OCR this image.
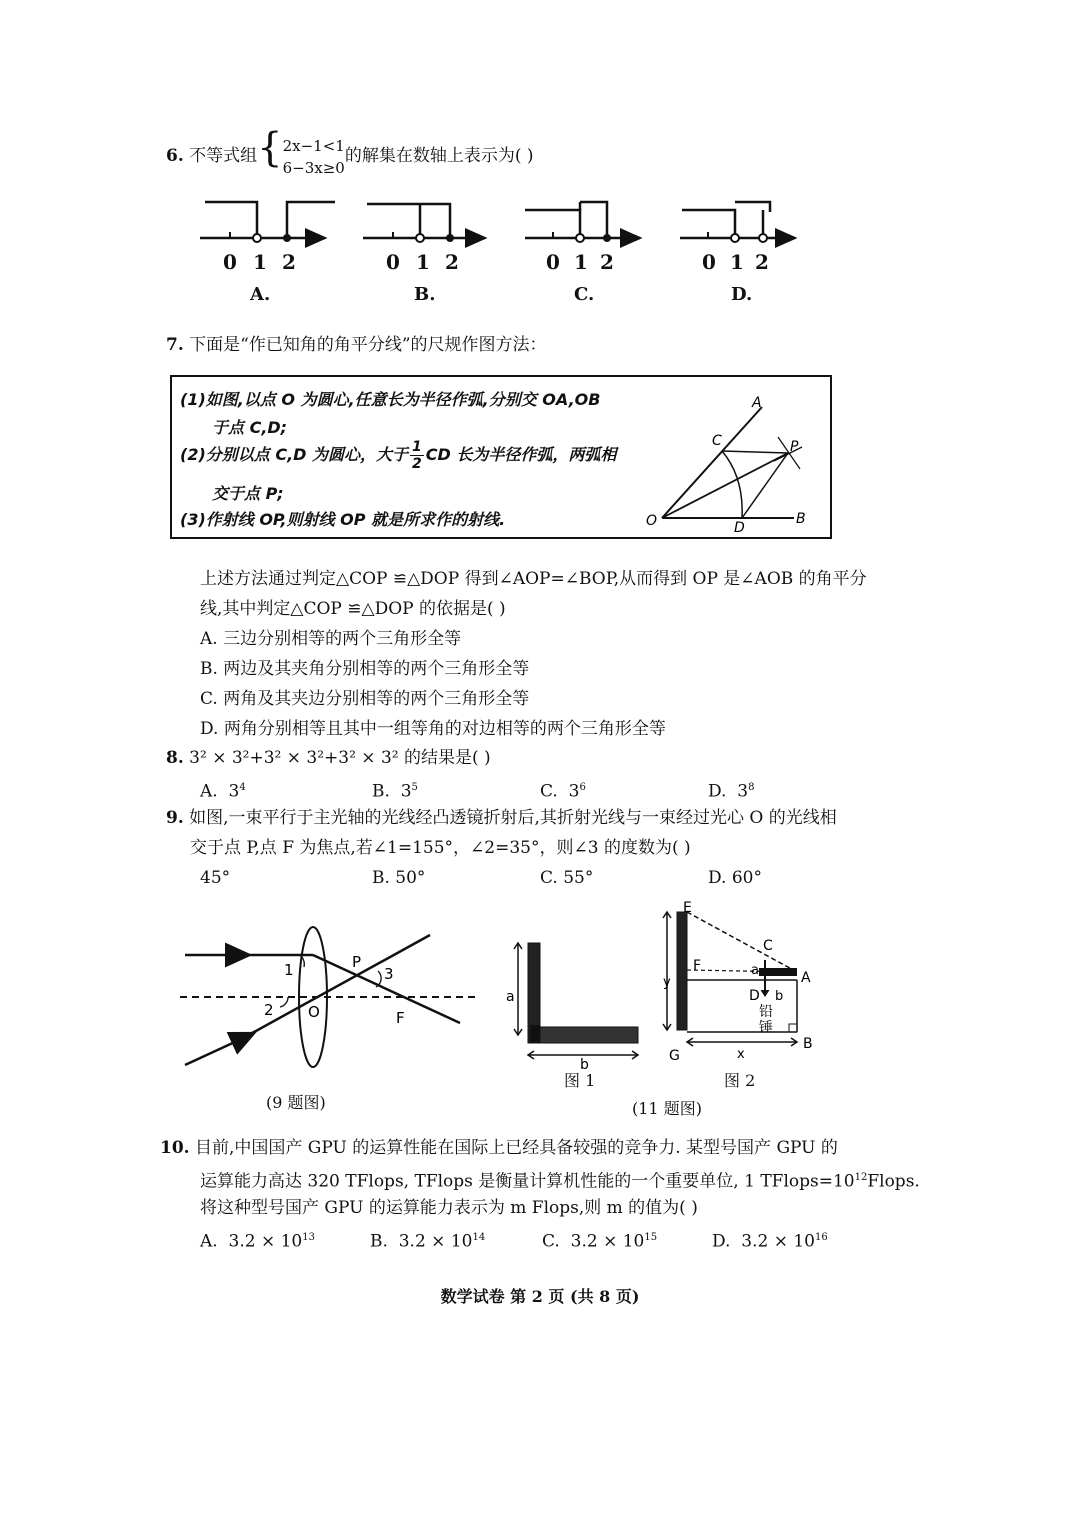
6. 不等式组{ 2x−1<1
6−3x≥0
的解集在数轴上表示为( )
0 1 2	0 1 2	0 1 2	0 1 2
A.	B.	C.	D.
7. 下面是“作已知角的角平分线”的尺规作图方法：
(1)如图,以点 O 为圆心,任意长为半径作弧,分别交 OA,OB
于点 C,D;
(2)分别以点 C,D 为圆心，大于 $\frac{1}{2}$ CD 长为半径作弧，两弧相
交于点 P;
(3)作射线 OP,则射线 OP 就是所求作的射线.
A
C	P
O	D
B
上述方法通过判定△COP ≌△DOP 得到∠AOP=∠BOP,从而得到 OP 是∠AOB 的角平分
线,其中判定△COP ≌△DOP 的依据是( )
A. 三边分别相等的两个三角形全等
B. 两边及其夹角分别相等的两个三角形全等
C. 两角及其夹边分别相等的两个三角形全等
D. 两角分别相等且其中一组等角的对边相等的两个三角形全等
8. 3² × 3²+3² × 3²+3² × 3² 的结果是( )
A. $3^4$	B. $3^5$	C. $3^6$	D. $3^8$
9. 如图,一束平行于主光轴的光线经凸透镜折射后,其折射光线与一束经过光心 O 的光线相
交于点 P,点 F 为焦点,若∠1=155°，∠2=35°，则∠3 的度数为( )
45°	B. 50°	C. 55°	D. 60°
1
2
3
P
O	F
(9 题图)
a
b
图 1
y
E
C
F	a	A
D b
铅
锤
G	x
B
图 2
(11 题图)
10. 目前,中国国产 GPU 的运算性能在国际上已经具备较强的竞争力. 某型号国产 GPU 的
运算能力高达 320 TFlops, TFlops 是衡量计算机性能的一个重要单位, 1 $TFlops=10^{12}Flops$.
将这种型号国产 GPU 的运算能力表示为 m Flops,则 m 的值为( )
A. $3.2 \times 10^{13}$	B. $3.2 \times 10^{14}$	C. $3.2 \times 10^{15}$	D. $3.2 \times 10^{16}$
数学试卷 第 2 页 (共 8 页)
